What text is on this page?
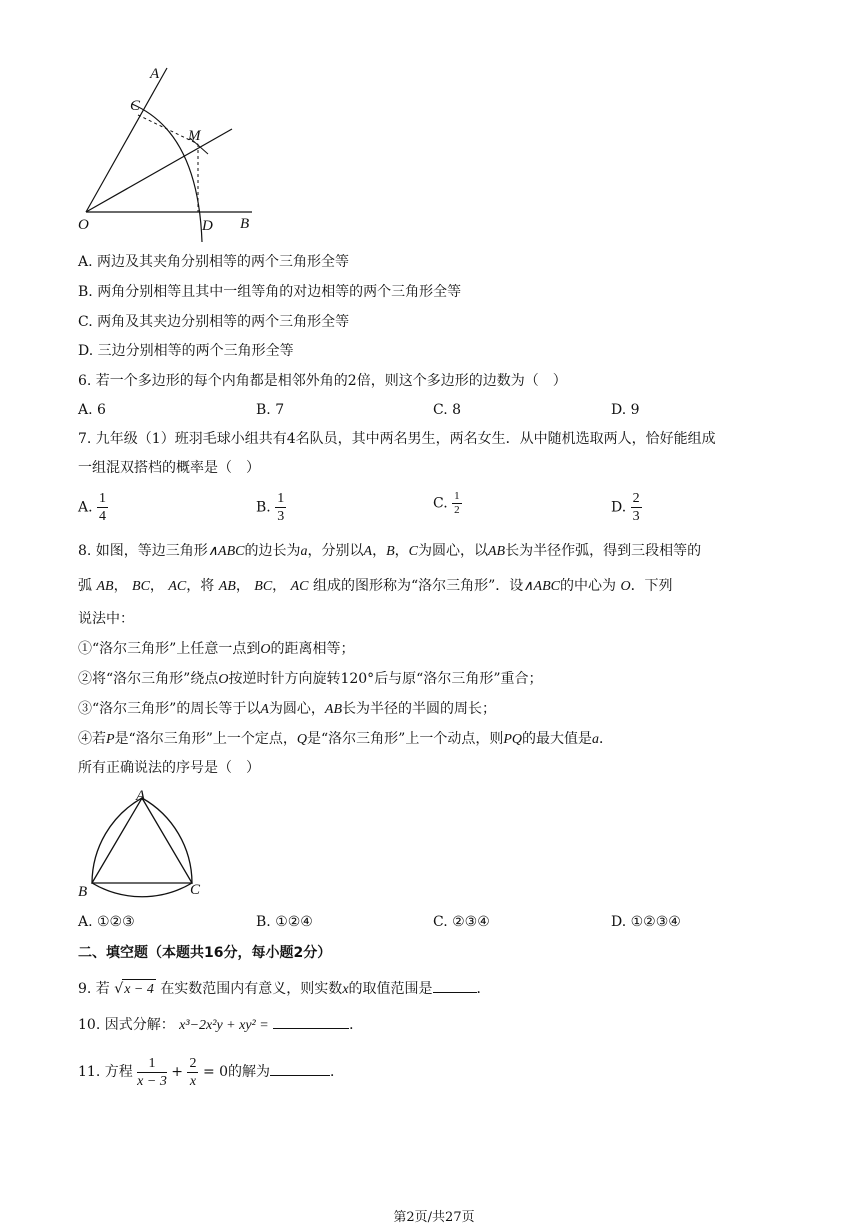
A
C
M
O	D B
A. 两边及其夹角分别相等的两个三角形全等
B. 两角分别相等且其中一组等角的对边相等的两个三角形全等
C. 两角及其夹边分别相等的两个三角形全等
D. 三边分别相等的两个三角形全等
6. 若一个多边形的每个内角都是相邻外角的2倍，则这个多边形的边数为（　）
A. 6	B. 7	C. 8	D. 9
7. 九年级（1）班羽毛球小组共有4名队员，其中两名男生，两名女生．从中随机选取两人，恰好能组成
一组混双搭档的概率是（　）
A. $\frac{1}{4}$	B. $\frac{1}{3}$	C. $\frac{1}{2}$	D. $\frac{2}{3}$
8. 如图，等边三角形∧ABC的边长为a，分别以A，B，C为圆心，以AB长为半径作弧，得到三段相等的
弧 AB， BC， AC，将 AB， BC， AC 组成的图形称为“洛尔三角形”．设∧ABC的中心为 O．下列
说法中：
①“洛尔三角形”上任意一点到O的距离相等；
②将“洛尔三角形”绕点O按逆时针方向旋转120°后与原“洛尔三角形”重合；
③“洛尔三角形”的周长等于以A为圆心，AB长为半径的半圆的周长；
④若P是“洛尔三角形”上一个定点，Q是“洛尔三角形”上一个动点，则PQ的最大值是a．
所有正确说法的序号是（　）
A
B	C
A. ①②③	B. ①②④	C. ②③④	D. ①②③④
二、填空题（本题共16分，每小题2分）
9. 若 √x − 4 在实数范围内有意义，则实数x的取值范围是	．
10. 因式分解： x³−2x²y + xy² =	．
11. 方程 $\frac{1}{x - 3} + \frac{2}{x} = 0$的解为	．
第2页/共27页
